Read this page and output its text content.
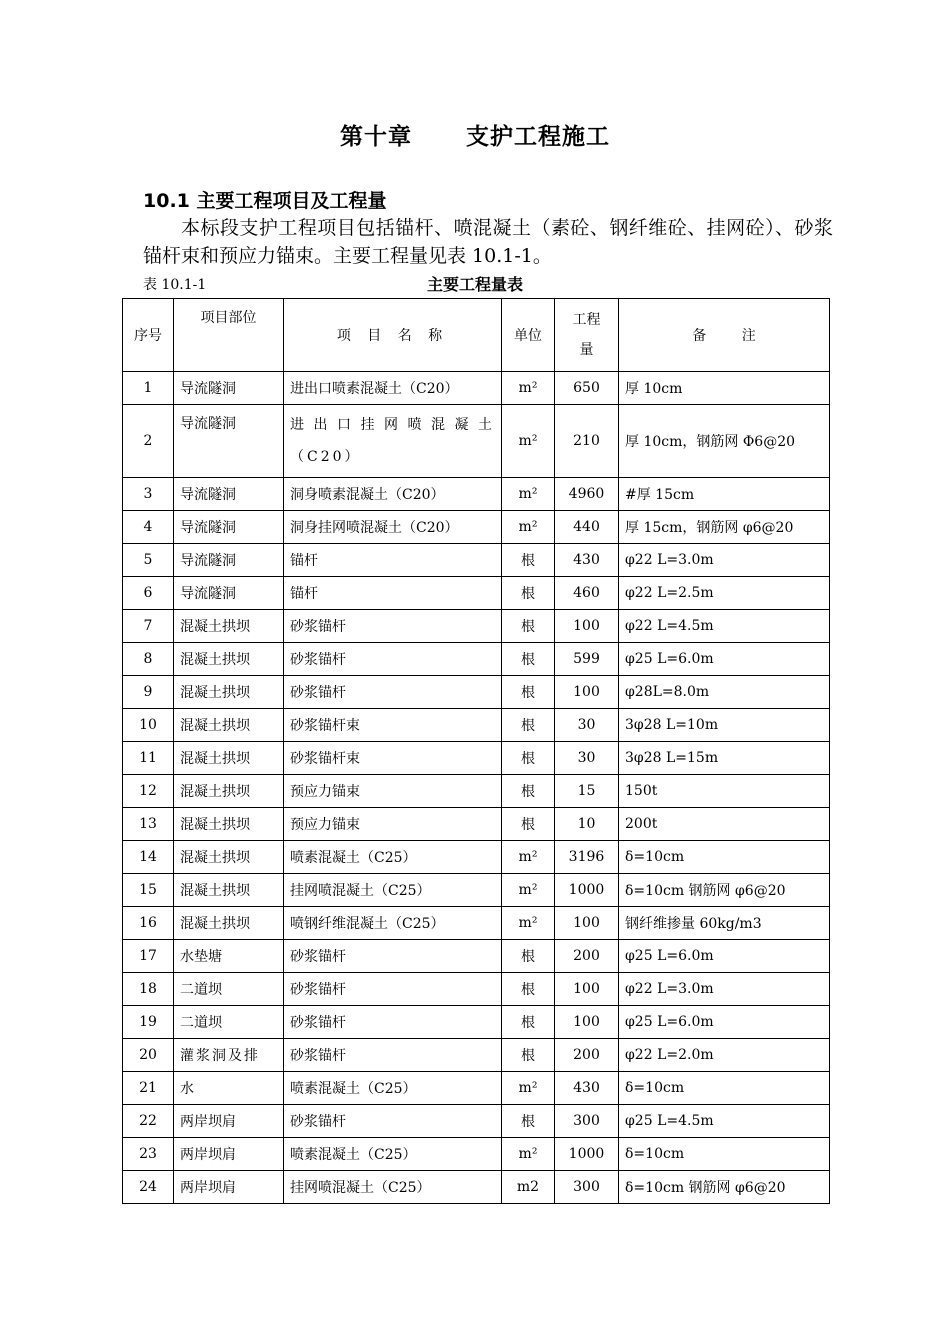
第十章      支护工程施工
10.1 主要工程项目及工程量
本标段支护工程项目包括锚杆、喷混凝土（素砼、钢纤维砼、挂网砼）、砂浆锚杆束和预应力锚束。主要工程量见表 10.1-1。
表 10.1-1	主要工程量表
序号	项目部位	项 目 名 称	单位	工程量	备        注
1	导流隧洞	进出口喷素混凝土（C20）	m²	650	厚 10cm
2	导流隧洞	进出口挂网喷混凝土（C20）	m²	210	厚 10cm，钢筋网 Φ6@20
3	导流隧洞	洞身喷素混凝土（C20）	m²	4960	#厚 15cm
4	导流隧洞	洞身挂网喷混凝土（C20）	m²	440	厚 15cm，钢筋网 φ6@20
5	导流隧洞	锚杆	根	430	φ22 L=3.0m
6	导流隧洞	锚杆	根	460	φ22 L=2.5m
7	混凝土拱坝	砂浆锚杆	根	100	φ22 L=4.5m
8	混凝土拱坝	砂浆锚杆	根	599	φ25 L=6.0m
9	混凝土拱坝	砂浆锚杆	根	100	φ28L=8.0m
10	混凝土拱坝	砂浆锚杆束	根	30	3φ28 L=10m
11	混凝土拱坝	砂浆锚杆束	根	30	3φ28 L=15m
12	混凝土拱坝	预应力锚束	根	15	150t
13	混凝土拱坝	预应力锚束	根	10	200t
14	混凝土拱坝	喷素混凝土（C25）	m²	3196	δ=10cm
15	混凝土拱坝	挂网喷混凝土（C25）	m²	1000	δ=10cm 钢筋网 φ6@20
16	混凝土拱坝	喷钢纤维混凝土（C25）	m²	100	钢纤维掺量 60kg/m3
17	水垫塘	砂浆锚杆	根	200	φ25 L=6.0m
18	二道坝	砂浆锚杆	根	100	φ22 L=3.0m
19	二道坝	砂浆锚杆	根	100	φ25 L=6.0m
20	灌浆洞及排	砂浆锚杆	根	200	φ22 L=2.0m
21	水	喷素混凝土（C25）	m²	430	δ=10cm
22	两岸坝肩	砂浆锚杆	根	300	φ25 L=4.5m
23	两岸坝肩	喷素混凝土（C25）	m²	1000	δ=10cm
24	两岸坝肩	挂网喷混凝土（C25）	m2	300	δ=10cm 钢筋网 φ6@20
